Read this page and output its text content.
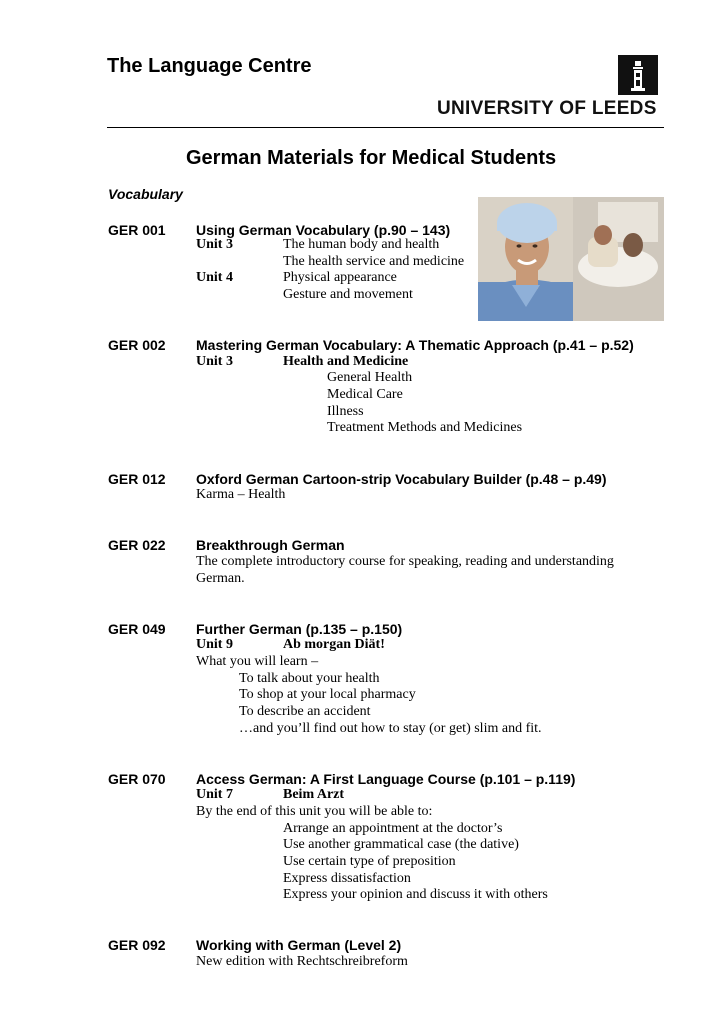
The Language Centre
UNIVERSITY OF LEEDS
German Materials for Medical Students
Vocabulary
GER 001 Using German Vocabulary (p.90 – 143)
Unit 3	The human body and health
The health service and medicine
Unit 4	Physical appearance
Gesture and movement
GER 002 Mastering German Vocabulary: A Thematic Approach (p.41 – p.52)
Unit 3	Health and Medicine
General Health
Medical Care
Illness
Treatment Methods and Medicines
GER 012 Oxford German Cartoon-strip Vocabulary Builder (p.48 – p.49)
Karma – Health
GER 022 Breakthrough German
The complete introductory course for speaking, reading and understanding
German.
GER 049 Further German (p.135 – p.150)
Unit 9	Ab morgan Diät!
What you will learn –
To talk about your health
To shop at your local pharmacy
To describe an accident
…and you’ll find out how to stay (or get) slim and fit.
GER 070 Access German: A First Language Course (p.101 – p.119)
Unit 7	Beim Arzt
By the end of this unit you will be able to:
Arrange an appointment at the doctor’s
Use another grammatical case (the dative)
Use certain type of preposition
Express dissatisfaction
Express your opinion and discuss it with others
GER 092 Working with German (Level 2)
New edition with Rechtschreibreform
